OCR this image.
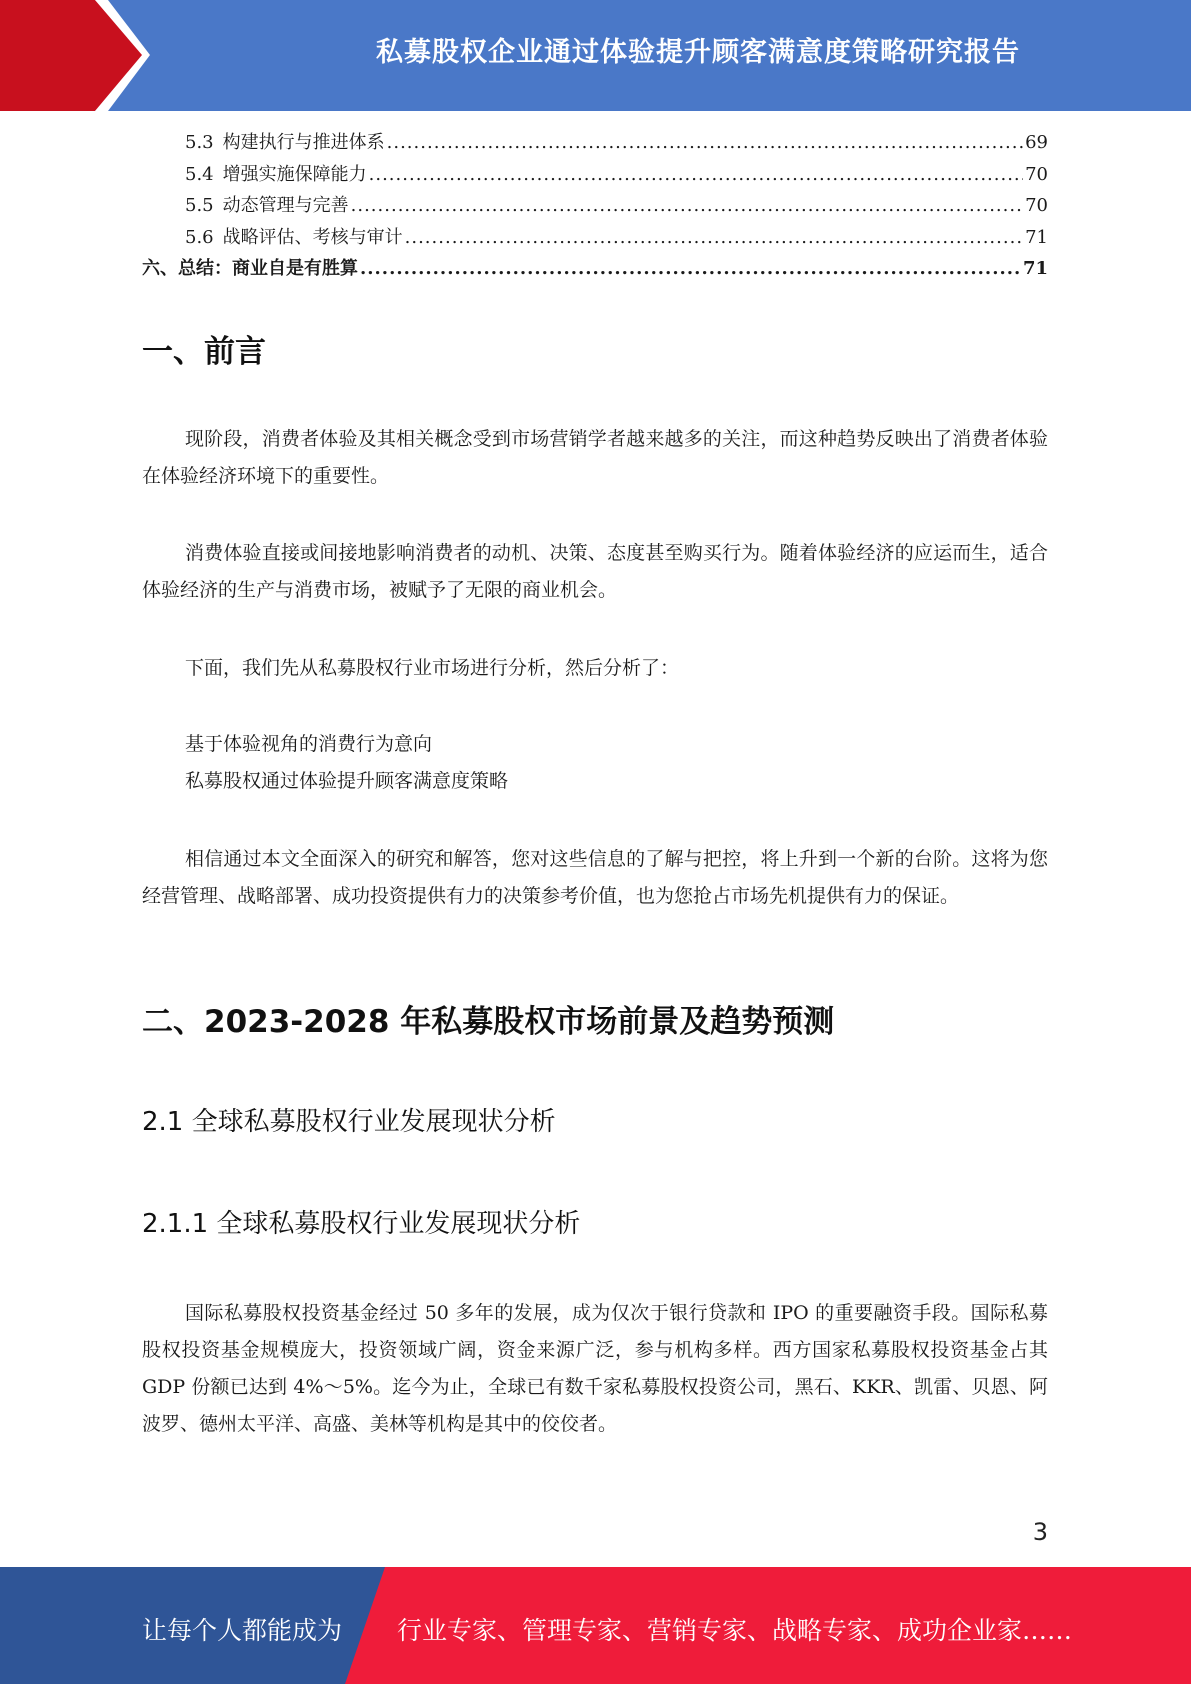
私募股权企业通过体验提升顾客满意度策略研究报告
5.3 构建执行与推进体系 .....	69
5.4 增强实施保障能力 .....	70
5.5 动态管理与完善 .....	70
5.6 战略评估、考核与审计 .....	71
六、总结：商业自是有胜算 .....	71
一、前言

现阶段，消费者体验及其相关概念受到市场营销学者越来越多的关注，而这种趋势反映出了消费者体验在体验经济环境下的重要性。

消费体验直接或间接地影响消费者的动机、决策、态度甚至购买行为。随着体验经济的应运而生，适合体验经济的生产与消费市场，被赋予了无限的商业机会。

下面，我们先从私募股权行业市场进行分析，然后分析了：

基于体验视角的消费行为意向
私募股权通过体验提升顾客满意度策略

相信通过本文全面深入的研究和解答，您对这些信息的了解与把控，将上升到一个新的台阶。这将为您经营管理、战略部署、成功投资提供有力的决策参考价值，也为您抢占市场先机提供有力的保证。

二、2023-2028 年私募股权市场前景及趋势预测
2.1 全球私募股权行业发展现状分析
2.1.1 全球私募股权行业发展现状分析

国际私募股权投资基金经过 50 多年的发展，成为仅次于银行贷款和 IPO 的重要融资手段。国际私募股权投资基金规模庞大，投资领域广阔，资金来源广泛，参与机构多样。西方国家私募股权投资基金占其 GDP 份额已达到 4%～5%。迄今为止，全球已有数千家私募股权投资公司，黑石、KKR、凯雷、贝恩、阿波罗、德州太平洋、高盛、美林等机构是其中的佼佼者。

3
让每个人都能成为 行业专家、管理专家、营销专家、战略专家、成功企业家……
